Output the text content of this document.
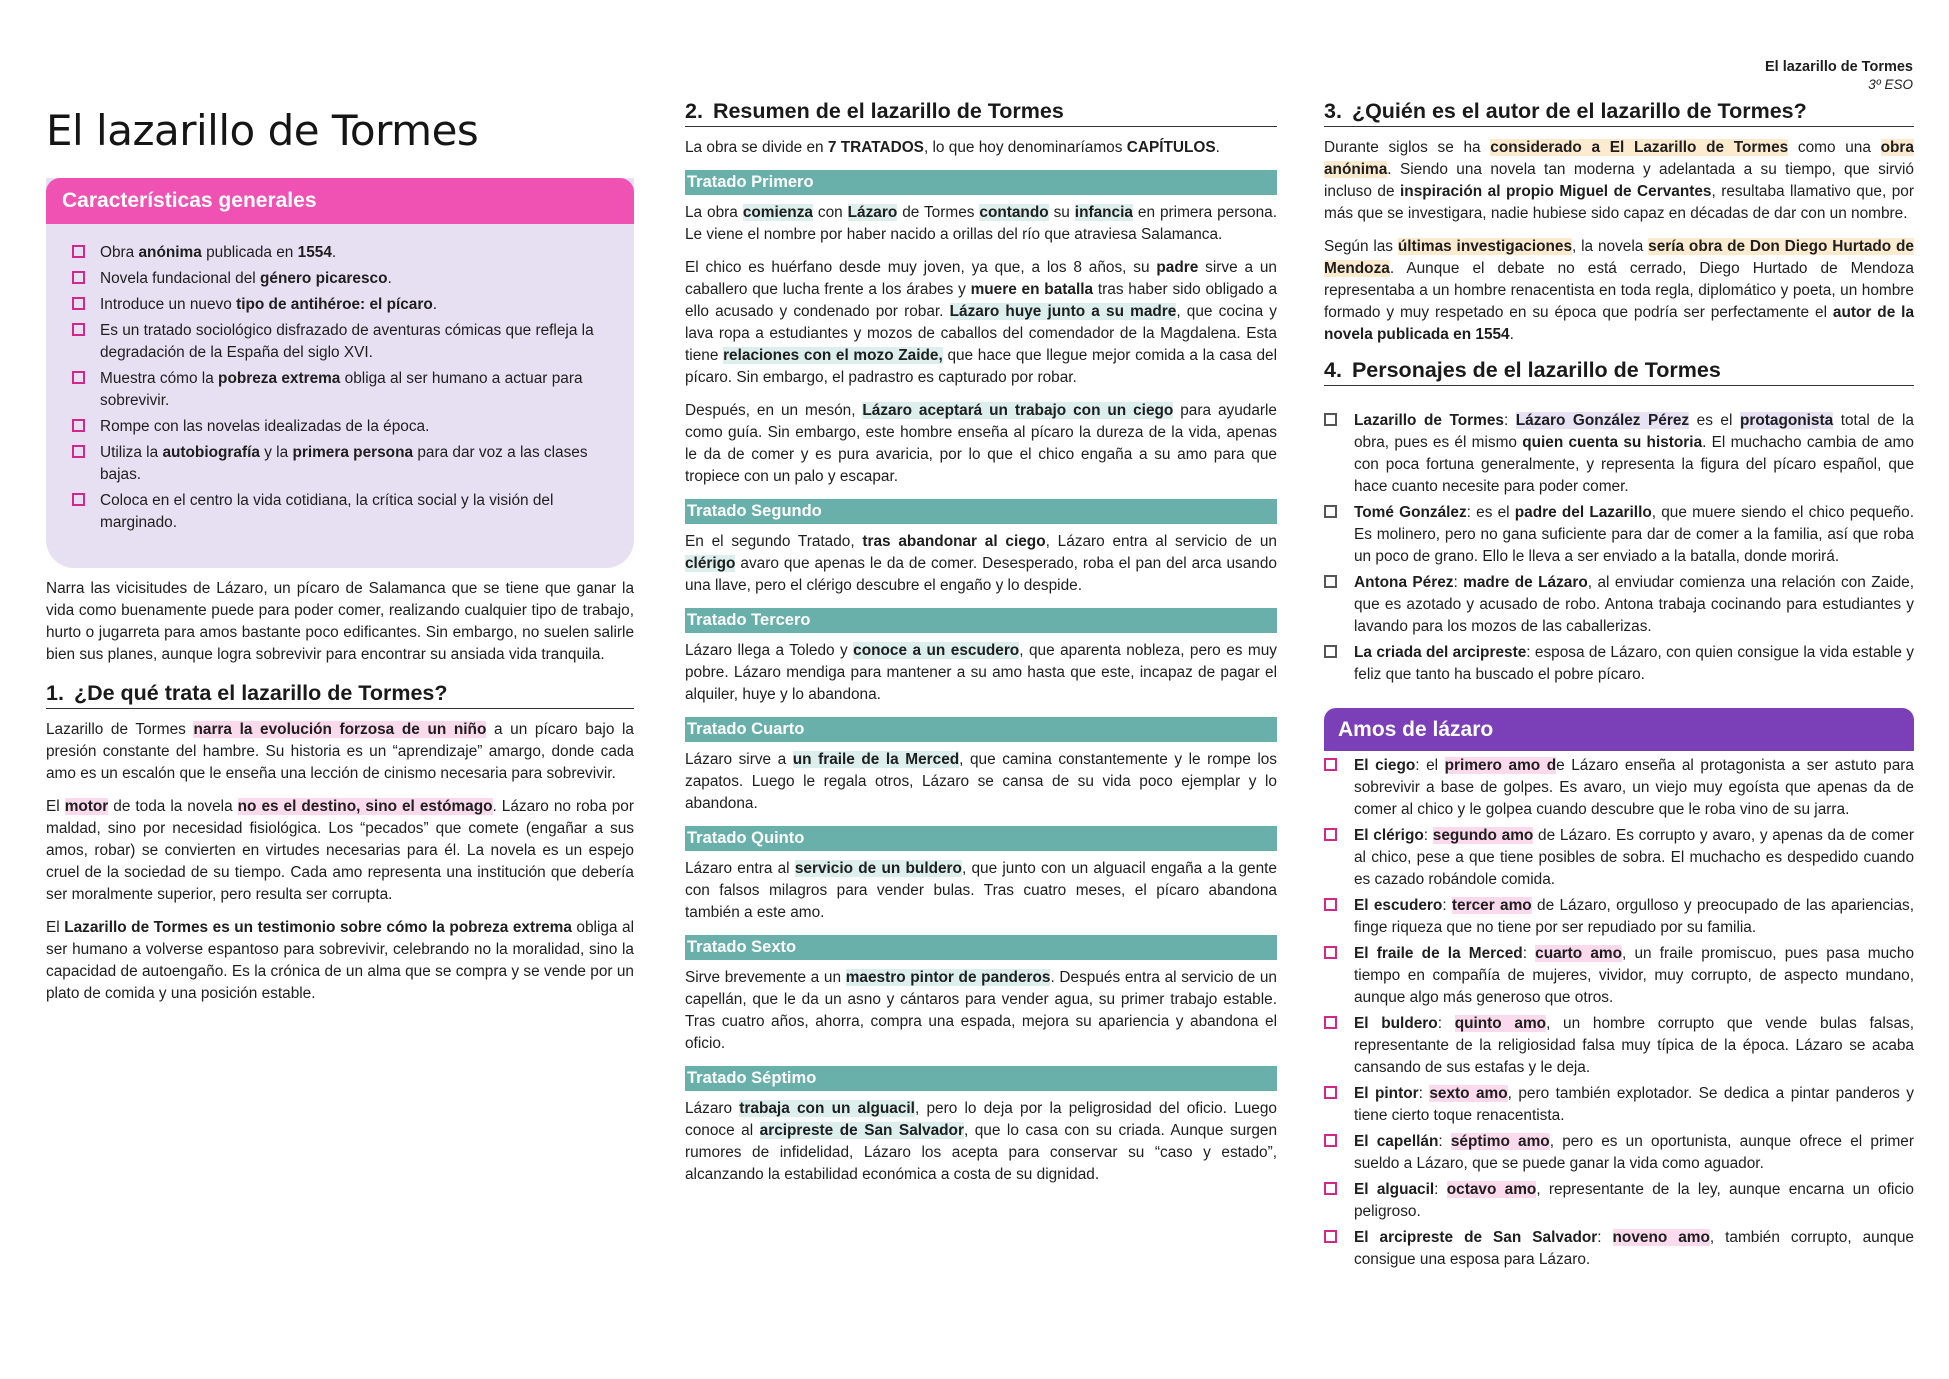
El lazarillo de Tormes
3º ESO
El lazarillo de Tormes
Características generales
Obra anónima publicada en 1554.
Novela fundacional del género picaresco.
Introduce un nuevo tipo de antihéroe: el pícaro.
Es un tratado sociológico disfrazado de aventuras cómicas que refleja la degradación de la España del siglo XVI.
Muestra cómo la pobreza extrema obliga al ser humano a actuar para sobrevivir.
Rompe con las novelas idealizadas de la época.
Utiliza la autobiografía y la primera persona para dar voz a las clases bajas.
Coloca en el centro la vida cotidiana, la crítica social y la visión del marginado.

Narra las vicisitudes de Lázaro, un pícaro de Salamanca que se tiene que ganar la vida como buenamente puede para poder comer, realizando cualquier tipo de trabajo, hurto o jugarreta para amos bastante poco edificantes. Sin embargo, no suelen salirle bien sus planes, aunque logra sobrevivir para encontrar su ansiada vida tranquila.

1. ¿De qué trata el lazarillo de Tormes?

Lazarillo de Tormes narra la evolución forzosa de un niño a un pícaro bajo la presión constante del hambre. Su historia es un “aprendizaje” amargo, donde cada amo es un escalón que le enseña una lección de cinismo necesaria para sobrevivir.

El motor de toda la novela no es el destino, sino el estómago. Lázaro no roba por maldad, sino por necesidad fisiológica. Los “pecados” que comete (engañar a sus amos, robar) se convierten en virtudes necesarias para él. La novela es un espejo cruel de la sociedad de su tiempo. Cada amo representa una institución que debería ser moralmente superior, pero resulta ser corrupta.

El Lazarillo de Tormes es un testimonio sobre cómo la pobreza extrema obliga al ser humano a volverse espantoso para sobrevivir, celebrando no la moralidad, sino la capacidad de autoengaño. Es la crónica de un alma que se compra y se vende por un plato de comida y una posición estable.

2. Resumen de el lazarillo de Tormes

La obra se divide en 7 TRATADOS, lo que hoy denominaríamos CAPÍTULOS.

Tratado Primero

La obra comienza con Lázaro de Tormes contando su infancia en primera persona. Le viene el nombre por haber nacido a orillas del río que atraviesa Salamanca.

El chico es huérfano desde muy joven, ya que, a los 8 años, su padre sirve a un caballero que lucha frente a los árabes y muere en batalla tras haber sido obligado a ello acusado y condenado por robar. Lázaro huye junto a su madre, que cocina y lava ropa a estudiantes y mozos de caballos del comendador de la Magdalena. Esta tiene relaciones con el mozo Zaide, que hace que llegue mejor comida a la casa del pícaro. Sin embargo, el padrastro es capturado por robar.

Después, en un mesón, Lázaro aceptará un trabajo con un ciego para ayudarle como guía. Sin embargo, este hombre enseña al pícaro la dureza de la vida, apenas le da de comer y es pura avaricia, por lo que el chico engaña a su amo para que tropiece con un palo y escapar.

Tratado Segundo

En el segundo Tratado, tras abandonar al ciego, Lázaro entra al servicio de un clérigo avaro que apenas le da de comer. Desesperado, roba el pan del arca usando una llave, pero el clérigo descubre el engaño y lo despide.

Tratado Tercero

Lázaro llega a Toledo y conoce a un escudero, que aparenta nobleza, pero es muy pobre. Lázaro mendiga para mantener a su amo hasta que este, incapaz de pagar el alquiler, huye y lo abandona.

Tratado Cuarto

Lázaro sirve a un fraile de la Merced, que camina constantemente y le rompe los zapatos. Luego le regala otros, Lázaro se cansa de su vida poco ejemplar y lo abandona.

Tratado Quinto

Lázaro entra al servicio de un buldero, que junto con un alguacil engaña a la gente con falsos milagros para vender bulas. Tras cuatro meses, el pícaro abandona también a este amo.

Tratado Sexto

Sirve brevemente a un maestro pintor de panderos. Después entra al servicio de un capellán, que le da un asno y cántaros para vender agua, su primer trabajo estable. Tras cuatro años, ahorra, compra una espada, mejora su apariencia y abandona el oficio.

Tratado Séptimo

Lázaro trabaja con un alguacil, pero lo deja por la peligrosidad del oficio. Luego conoce al arcipreste de San Salvador, que lo casa con su criada. Aunque surgen rumores de infidelidad, Lázaro los acepta para conservar su “caso y estado”, alcanzando la estabilidad económica a costa de su dignidad.

3. ¿Quién es el autor de el lazarillo de Tormes?

Durante siglos se ha considerado a El Lazarillo de Tormes como una obra anónima. Siendo una novela tan moderna y adelantada a su tiempo, que sirvió incluso de inspiración al propio Miguel de Cervantes, resultaba llamativo que, por más que se investigara, nadie hubiese sido capaz en décadas de dar con un nombre.

Según las últimas investigaciones, la novela sería obra de Don Diego Hurtado de Mendoza. Aunque el debate no está cerrado, Diego Hurtado de Mendoza representaba a un hombre renacentista en toda regla, diplomático y poeta, un hombre formado y muy respetado en su época que podría ser perfectamente el autor de la novela publicada en 1554.

4. Personajes de el lazarillo de Tormes
Lazarillo de Tormes: Lázaro González Pérez es el protagonista total de la obra, pues es él mismo quien cuenta su historia. El muchacho cambia de amo con poca fortuna generalmente, y representa la figura del pícaro español, que hace cuanto necesite para poder comer.
Tomé González: es el padre del Lazarillo, que muere siendo el chico pequeño. Es molinero, pero no gana suficiente para dar de comer a la familia, así que roba un poco de grano. Ello le lleva a ser enviado a la batalla, donde morirá.
Antona Pérez: madre de Lázaro, al enviudar comienza una relación con Zaide, que es azotado y acusado de robo. Antona trabaja cocinando para estudiantes y lavando para los mozos de las caballerizas.
La criada del arcipreste: esposa de Lázaro, con quien consigue la vida estable y feliz que tanto ha buscado el pobre pícaro.
Amos de lázaro
El ciego: el primero amo de Lázaro enseña al protagonista a ser astuto para sobrevivir a base de golpes. Es avaro, un viejo muy egoísta que apenas da de comer al chico y le golpea cuando descubre que le roba vino de su jarra.
El clérigo: segundo amo de Lázaro. Es corrupto y avaro, y apenas da de comer al chico, pese a que tiene posibles de sobra. El muchacho es despedido cuando es cazado robándole comida.
El escudero: tercer amo de Lázaro, orgulloso y preocupado de las apariencias, finge riqueza que no tiene por ser repudiado por su familia.
El fraile de la Merced: cuarto amo, un fraile promiscuo, pues pasa mucho tiempo en compañía de mujeres, vividor, muy corrupto, de aspecto mundano, aunque algo más generoso que otros.
El buldero: quinto amo, un hombre corrupto que vende bulas falsas, representante de la religiosidad falsa muy típica de la época. Lázaro se acaba cansando de sus estafas y le deja.
El pintor: sexto amo, pero también explotador. Se dedica a pintar panderos y tiene cierto toque renacentista.
El capellán: séptimo amo, pero es un oportunista, aunque ofrece el primer sueldo a Lázaro, que se puede ganar la vida como aguador.
El alguacil: octavo amo, representante de la ley, aunque encarna un oficio peligroso.
El arcipreste de San Salvador: noveno amo, también corrupto, aunque consigue una esposa para Lázaro.
